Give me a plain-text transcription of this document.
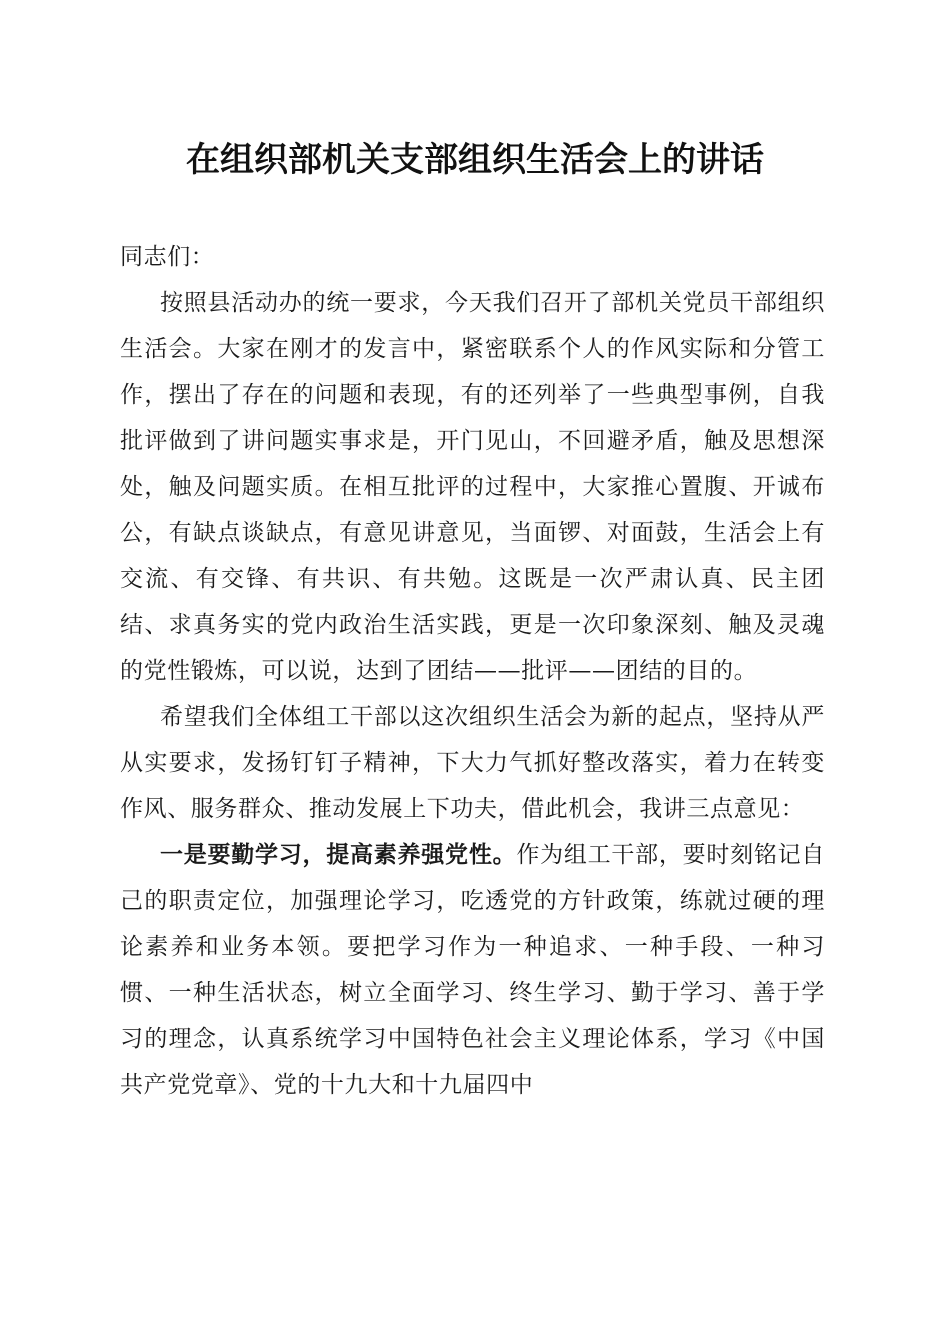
在组织部机关支部组织生活会上的讲话

同志们：

按照县活动办的统一要求，今天我们召开了部机关党员干部组织生活会。大家在刚才的发言中，紧密联系个人的作风实际和分管工作，摆出了存在的问题和表现，有的还列举了一些典型事例，自我批评做到了讲问题实事求是，开门见山，不回避矛盾，触及思想深处，触及问题实质。在相互批评的过程中，大家推心置腹、开诚布公，有缺点谈缺点，有意见讲意见，当面锣、对面鼓，生活会上有交流、有交锋、有共识、有共勉。这既是一次严肃认真、民主团结、求真务实的党内政治生活实践，更是一次印象深刻、触及灵魂的党性锻炼，可以说，达到了团结——批评——团结的目的。

希望我们全体组工干部以这次组织生活会为新的起点，坚持从严从实要求，发扬钉钉子精神，下大力气抓好整改落实，着力在转变作风、服务群众、推动发展上下功夫，借此机会，我讲三点意见：

一是要勤学习，提高素养强党性。作为组工干部，要时刻铭记自己的职责定位，加强理论学习，吃透党的方针政策，练就过硬的理论素养和业务本领。要把学习作为一种追求、一种手段、一种习惯、一种生活状态，树立全面学习、终生学习、勤于学习、善于学习的理念，认真系统学习中国特色社会主义理论体系，学习《中国共产党党章》、党的十九大和十九届四中
